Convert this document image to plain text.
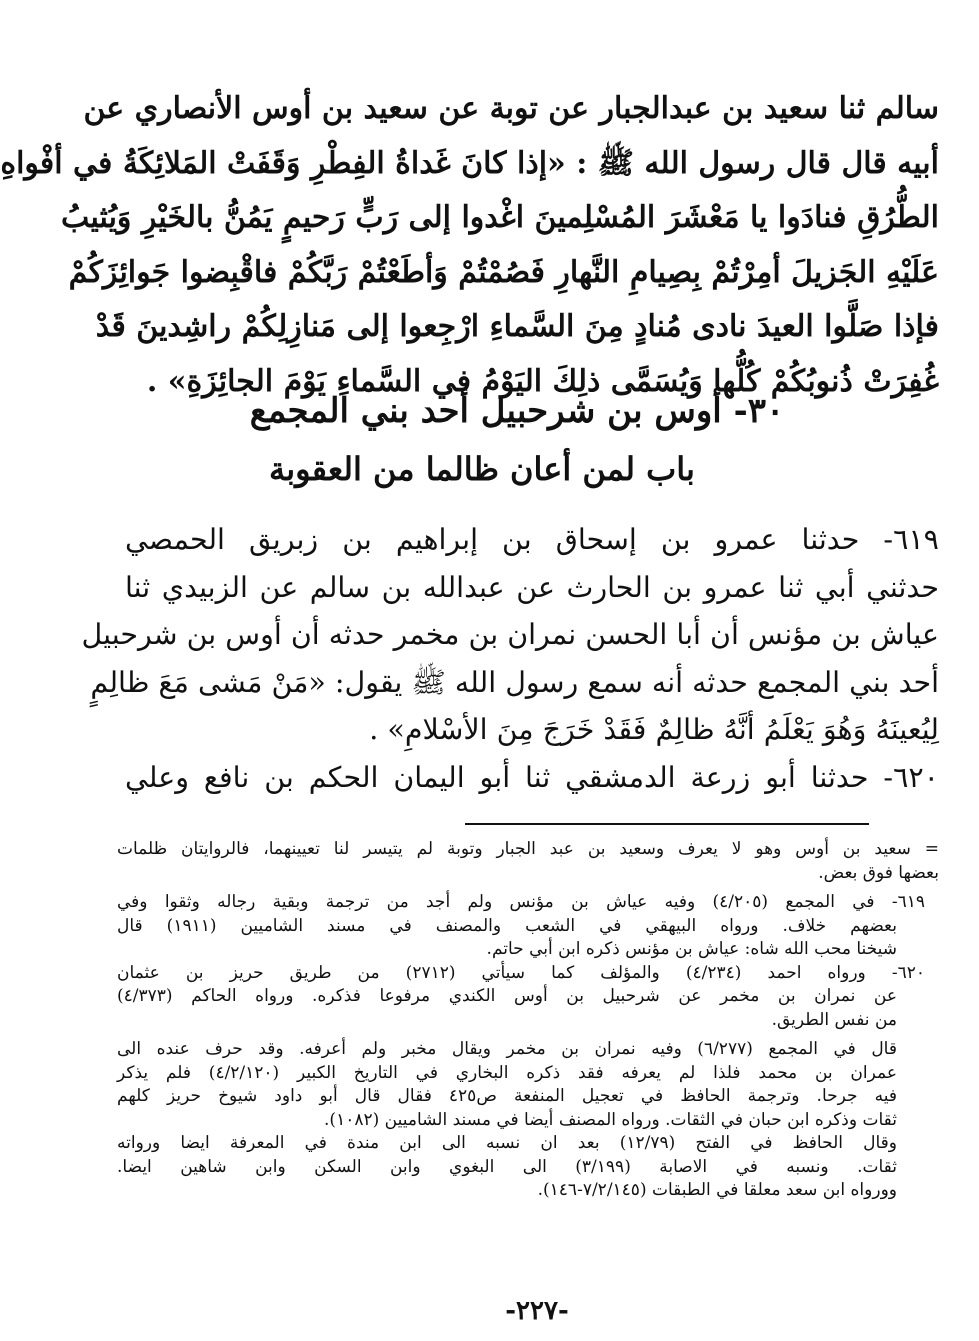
سالم ثنا سعيد بن عبدالجبار عن توبة عن سعيد بن أوس الأنصاري عن
أبيه قال قال رسول الله ﷺ : «إذا كانَ غَداةُ الفِطْرِ وَقَفَتْ المَلائِكَةُ في أفْواهِ
الطُّرُقِ فنادَوا يا مَعْشَرَ المُسْلِمينَ اغْدوا إلى رَبٍّ رَحيمٍ يَمُنُّ بالخَيْرِ وَيُثيبُ
عَلَيْهِ الجَزيلَ أمِرْتُمْ بِصِيامِ النَّهارِ فَصُمْتُمْ وَأطَعْتُمْ رَبَّكُمْ فاقْبِضوا جَوائِزَكُمْ
فإذا صَلَّوا العيدَ نادى مُنادٍ مِنَ السَّماءِ ارْجِعوا إلى مَنازِلِكُمْ راشِدينَ قَدْ
غُفِرَتْ ذُنوبُكُمْ كُلُّها وَيُسَمَّى ذلِكَ اليَوْمُ في السَّماءِ يَوْمَ الجائِزَةِ» .
٣٠- أوس بن شرحبيل أحد بني المجمع
باب لمن أعان ظالما من العقوبة
٦١٩- حدثنا عمرو بن إسحاق بن إبراهيم بن زبريق الحمصي
حدثني أبي ثنا عمرو بن الحارث عن عبدالله بن سالم عن الزبيدي ثنا
عياش بن مؤنس أن أبا الحسن نمران بن مخمر حدثه أن أوس بن شرحبيل
أحد بني المجمع حدثه أنه سمع رسول الله ﷺ يقول: «مَنْ مَشى مَعَ ظالِمٍ
لِيُعينَهُ وَهُوَ يَعْلَمُ أنَّهُ ظالِمٌ فَقَدْ خَرَجَ مِنَ الأسْلامِ» .
٦٢٠- حدثنا أبو زرعة الدمشقي ثنا أبو اليمان الحكم بن نافع وعلي
= سعيد بن أوس وهو لا يعرف وسعيد بن عبد الجبار وتوبة لم يتيسر لنا تعيينهما، فالروايتان ظلمات
بعضها فوق بعض.
٦١٩- في المجمع (٤/٢٠٥) وفيه عياش بن مؤنس ولم أجد من ترجمة وبقية رجاله وثقوا وفي
بعضهم خلاف. ورواه البيهقي في الشعب والمصنف في مسند الشاميين (١٩١١) قال
شيخنا محب الله شاه: عياش بن مؤنس ذكره ابن أبي حاتم.
٦٢٠- ورواه احمد (٤/٢٣٤) والمؤلف كما سيأتي (٢٧١٢) من طريق حريز بن عثمان
عن نمران بن مخمر عن شرحبيل بن أوس الكندي مرفوعا فذكره. ورواه الحاكم (٤/٣٧٣)
من نفس الطريق.
قال في المجمع (٦/٢٧٧) وفيه نمران بن مخمر ويقال مخبر ولم أعرفه. وقد حرف عنده الى
عمران بن محمد فلذا لم يعرفه فقد ذكره البخاري في التاريخ الكبير (٤/٢/١٢٠) فلم يذكر
فيه جرحا. وترجمة الحافظ في تعجيل المنفعة ص٤٢٥ فقال قال أبو داود شيوخ حريز كلهم
ثقات وذكره ابن حبان في الثقات. ورواه المصنف أيضا في مسند الشاميين (١٠٨٢).
وقال الحافظ في الفتح (١٢/٧٩) بعد ان نسبه الى ابن مندة في المعرفة ايضا ورواته
ثقات. ونسبه في الاصابة (٣/١٩٩) الى البغوي وابن السكن وابن شاهين ايضا.
وورواه ابن سعد معلقا في الطبقات (٧/٢/١٤٥-١٤٦).
-٢٢٧-
